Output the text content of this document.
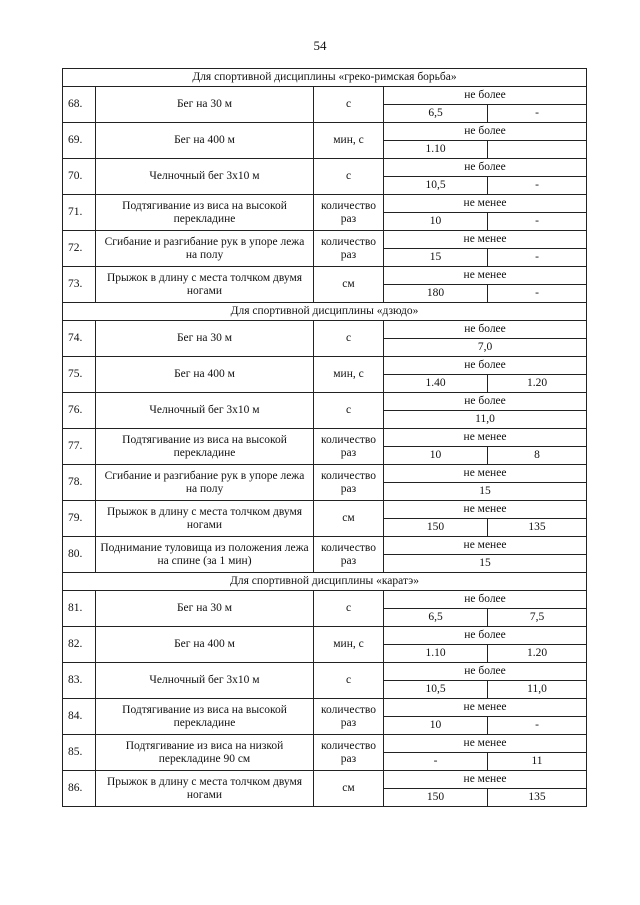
54
Для спортивной дисциплины «греко-римская борьба»				
68.	Бег на 30 м	с	не более	
			6,5	-
69.	Бег на 400 м	мин, с	не более	
			1.10	
70.	Челночный бег 3х10 м	с	не более	
			10,5	-
71.	Подтягивание из виса на высокой перекладине	количество раз	не менее	
			10	-
72.	Сгибание и разгибание рук в упоре лежа на полу	количество раз	не менее	
			15	-
73.	Прыжок в длину с места толчком двумя ногами	см	не менее	
			180	-
Для спортивной дисциплины «дзюдо»				
74.	Бег на 30 м	с	не более	
			7,0	
75.	Бег на 400 м	мин, с	не более	
			1.40	1.20
76.	Челночный бег 3х10 м	с	не более	
			11,0	
77.	Подтягивание из виса на высокой перекладине	количество раз	не менее	
			10	8
78.	Сгибание и разгибание рук в упоре лежа на полу	количество раз	не менее	
			15	
79.	Прыжок в длину с места толчком двумя ногами	см	не менее	
			150	135
80.	Поднимание туловища из положения лежа на спине (за 1 мин)	количество раз	не менее	
			15	
Для спортивной дисциплины «каратэ»				
81.	Бег на 30 м	с	не более	
			6,5	7,5
82.	Бег на 400 м	мин, с	не более	
			1.10	1.20
83.	Челночный бег 3х10 м	с	не более	
			10,5	11,0
84.	Подтягивание из виса на высокой перекладине	количество раз	не менее	
			10	-
85.	Подтягивание из виса на низкой перекладине 90 см	количество раз	не менее	
			-	11
86.	Прыжок в длину с места толчком двумя ногами	см	не менее	
			150	135
